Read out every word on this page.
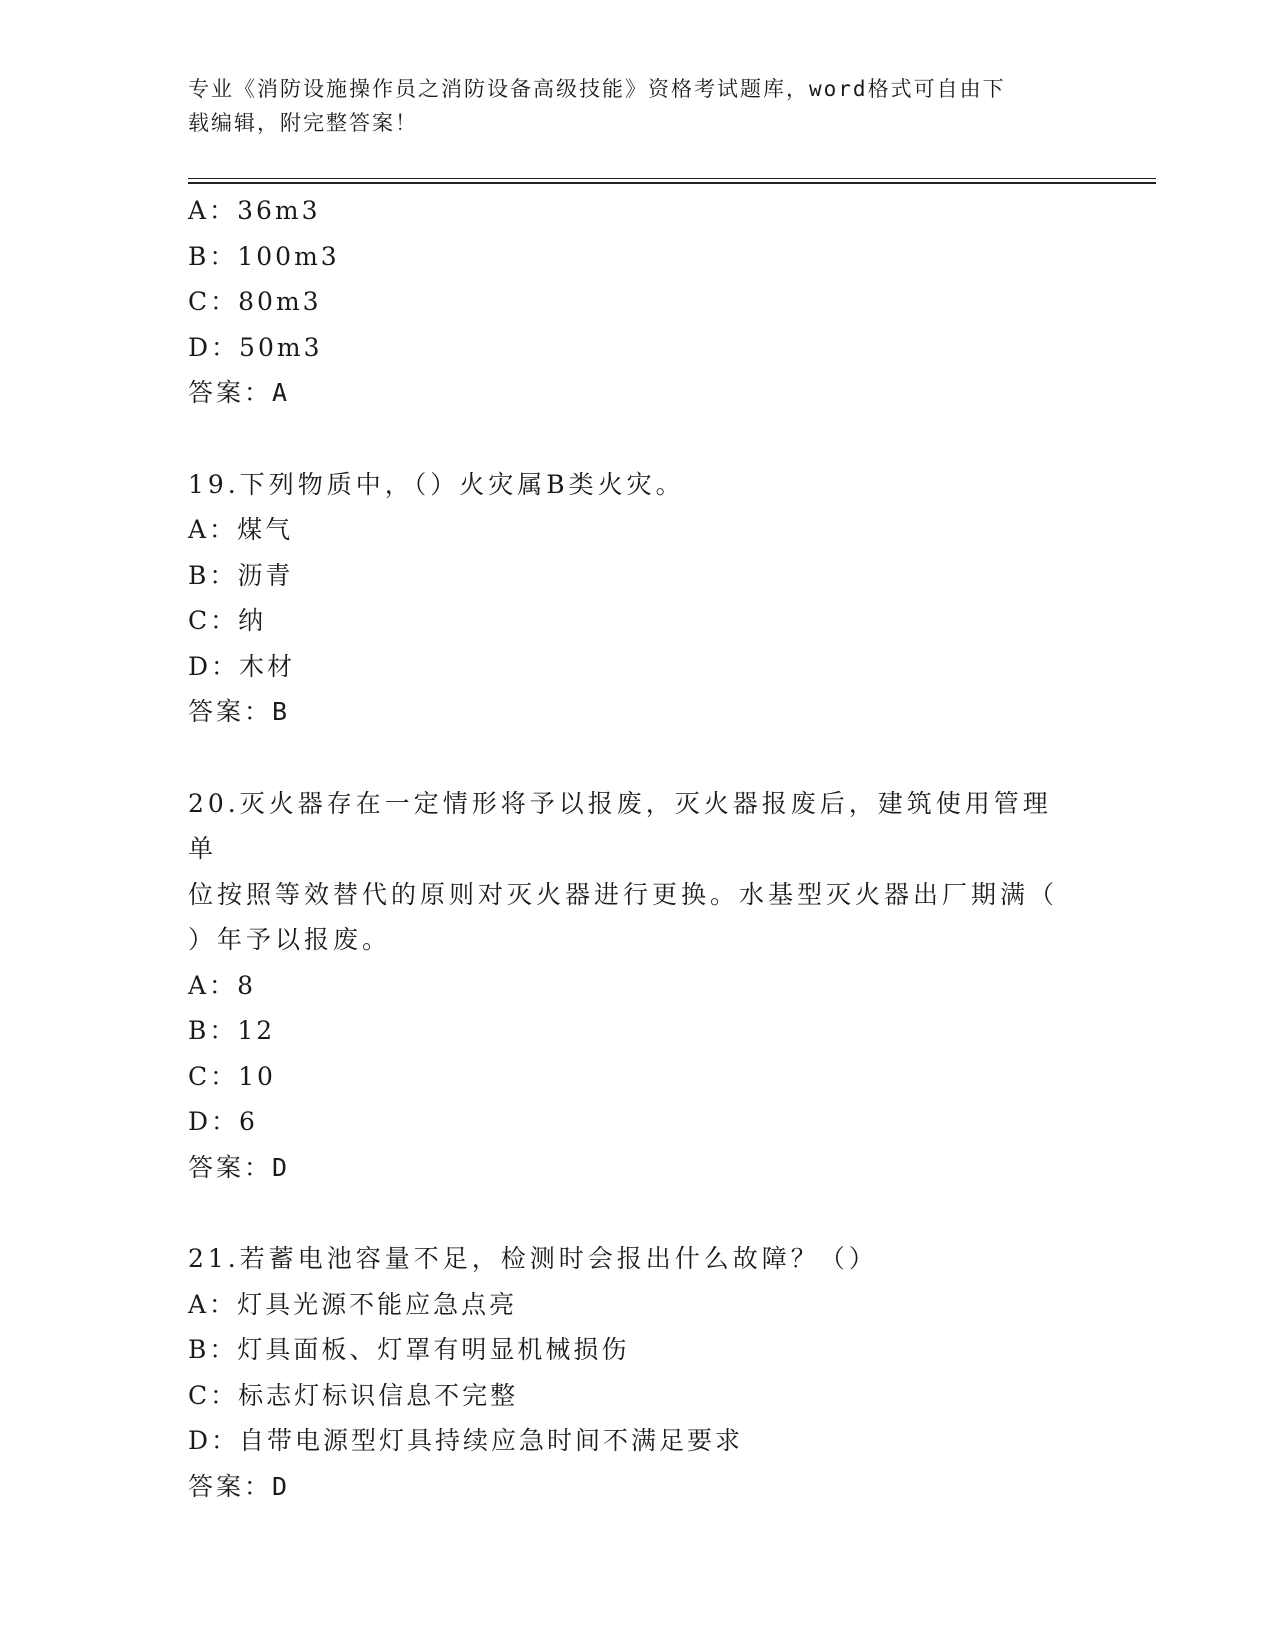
专业《消防设施操作员之消防设备高级技能》资格考试题库，word格式可自由下
载编辑，附完整答案！
A：36m3
B：100m3
C：80m3
D：50m3
答案：A
19.下列物质中，（）火灾属B类火灾。
A：煤气
B：沥青
C：纳
D：木材
答案：B
20.灭火器存在一定情形将予以报废，灭火器报废后，建筑使用管理单
位按照等效替代的原则对灭火器进行更换。水基型灭火器出厂期满（
）年予以报废。
A：8
B：12
C：10
D：6
答案：D
21.若蓄电池容量不足，检测时会报出什么故障？（）
A：灯具光源不能应急点亮
B：灯具面板、灯罩有明显机械损伤
C：标志灯标识信息不完整
D：自带电源型灯具持续应急时间不满足要求
答案：D
